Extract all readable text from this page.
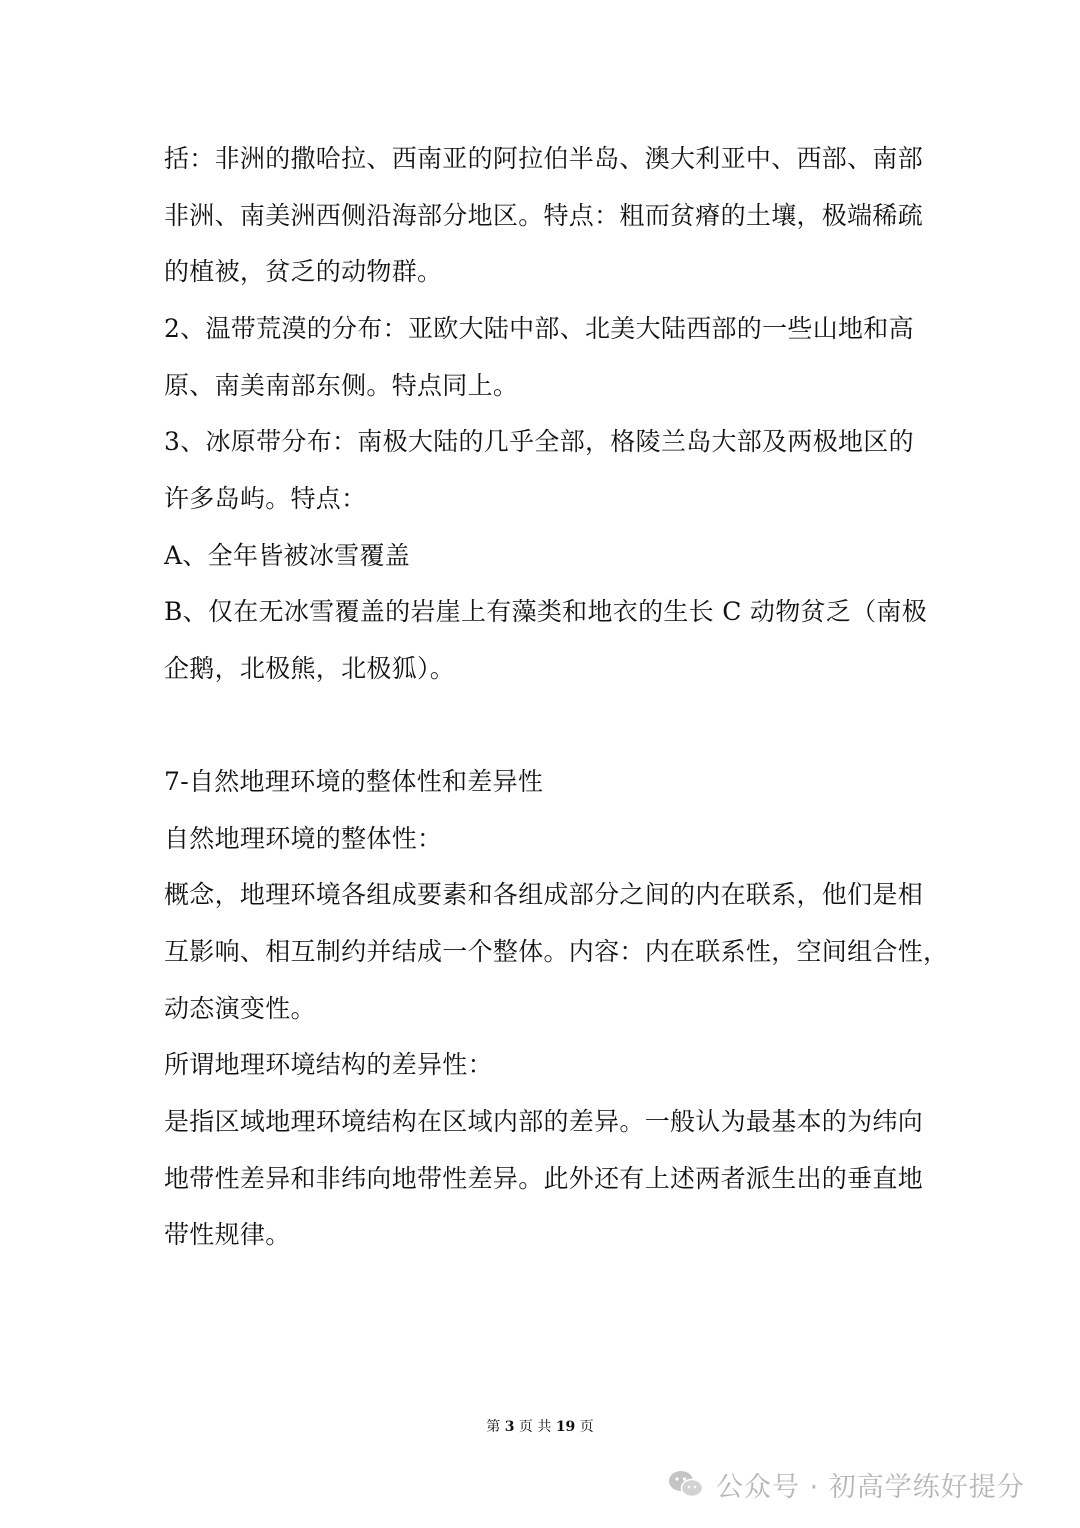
括：非洲的撒哈拉、西南亚的阿拉伯半岛、澳大利亚中、西部、南部
非洲、南美洲西侧沿海部分地区。特点：粗而贫瘠的土壤，极端稀疏
的植被，贫乏的动物群。
2、温带荒漠的分布：亚欧大陆中部、北美大陆西部的一些山地和高
原、南美南部东侧。特点同上。
3、冰原带分布：南极大陆的几乎全部，格陵兰岛大部及两极地区的
许多岛屿。特点：
A、全年皆被冰雪覆盖
B、仅在无冰雪覆盖的岩崖上有藻类和地衣的生长 C 动物贫乏（南极
企鹅，北极熊，北极狐）。
7-自然地理环境的整体性和差异性
自然地理环境的整体性：
概念，地理环境各组成要素和各组成部分之间的内在联系，他们是相
互影响、相互制约并结成一个整体。内容：内在联系性，空间组合性，
动态演变性。
所谓地理环境结构的差异性：
是指区域地理环境结构在区域内部的差异。一般认为最基本的为纬向
地带性差异和非纬向地带性差异。此外还有上述两者派生出的垂直地
带性规律。
第 3 页 共 19 页
公众号 · 初高学练好提分
